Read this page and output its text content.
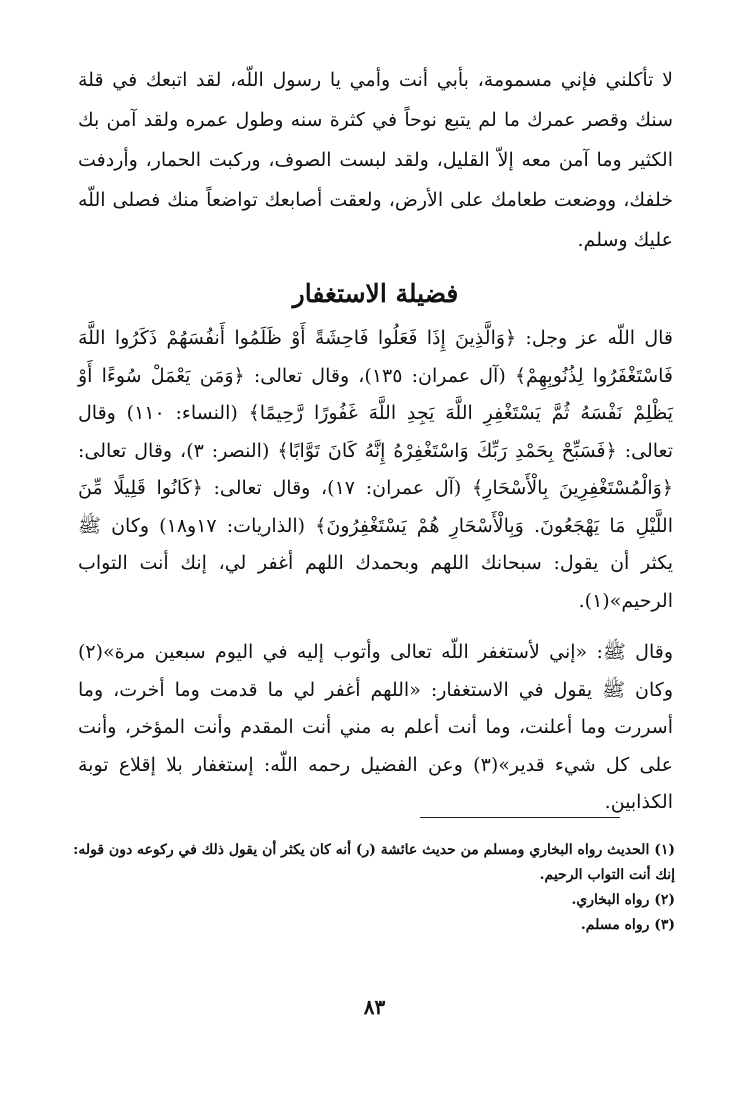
لا تأكلني فإني مسمومة، بأبي أنت وأمي يا رسول اللّه، لقد اتبعك في قلة سنك وقصر عمرك ما لم يتبع نوحاً في كثرة سنه وطول عمره ولقد آمن بك الكثير وما آمن معه إلاّ القليل، ولقد لبست الصوف، وركبت الحمار، وأردفت خلفك، ووضعت طعامك على الأرض، ولعقت أصابعك تواضعاً منك فصلى اللّه عليك وسلم.

فضيلة الاستغفار

قال اللّه عز وجل: ﴿وَالَّذِينَ إِذَا فَعَلُوا فَاحِشَةً أَوْ ظَلَمُوا أَنفُسَهُمْ ذَكَرُوا اللَّهَ فَاسْتَغْفَرُوا لِذُنُوبِهِمْ﴾ (آل عمران: ١٣٥)، وقال تعالى: ﴿وَمَن يَعْمَلْ سُوءًا أَوْ يَظْلِمْ نَفْسَهُ ثُمَّ يَسْتَغْفِرِ اللَّهَ يَجِدِ اللَّهَ غَفُورًا رَّحِيمًا﴾ (النساء: ١١٠) وقال تعالى: ﴿فَسَبِّحْ بِحَمْدِ رَبِّكَ وَاسْتَغْفِرْهُ إِنَّهُ كَانَ تَوَّابًا﴾ (النصر: ٣)، وقال تعالى: ﴿وَالْمُسْتَغْفِرِينَ بِالْأَسْحَارِ﴾ (آل عمران: ١٧)، وقال تعالى: ﴿كَانُوا قَلِيلًا مِّنَ اللَّيْلِ مَا يَهْجَعُونَ. وَبِالْأَسْحَارِ هُمْ يَسْتَغْفِرُونَ﴾ (الذاريات: ١٧و١٨) وكان ﷺ يكثر أن يقول: سبحانك اللهم وبحمدك اللهم أغفر لي، إنك أنت التواب الرحيم»(١).

وقال ﷺ: «إني لأستغفر اللّه تعالى وأتوب إليه في اليوم سبعين مرة»(٢) وكان ﷺ يقول في الاستغفار: «اللهم أغفر لي ما قدمت وما أخرت، وما أسررت وما أعلنت، وما أنت أعلم به مني أنت المقدم وأنت المؤخر، وأنت على كل شيء قدير»(٣) وعن الفضيل رحمه اللّه: إستغفار بلا إقلاع توبة الكذابين.

(١) الحديث رواه البخاري ومسلم من حديث عائشة (ر) أنه كان يكثر أن يقول ذلك في ركوعه دون قوله: إنك أنت التواب الرحيم.

(٢) رواه البخاري.

(٣) رواه مسلم.

٨٣
